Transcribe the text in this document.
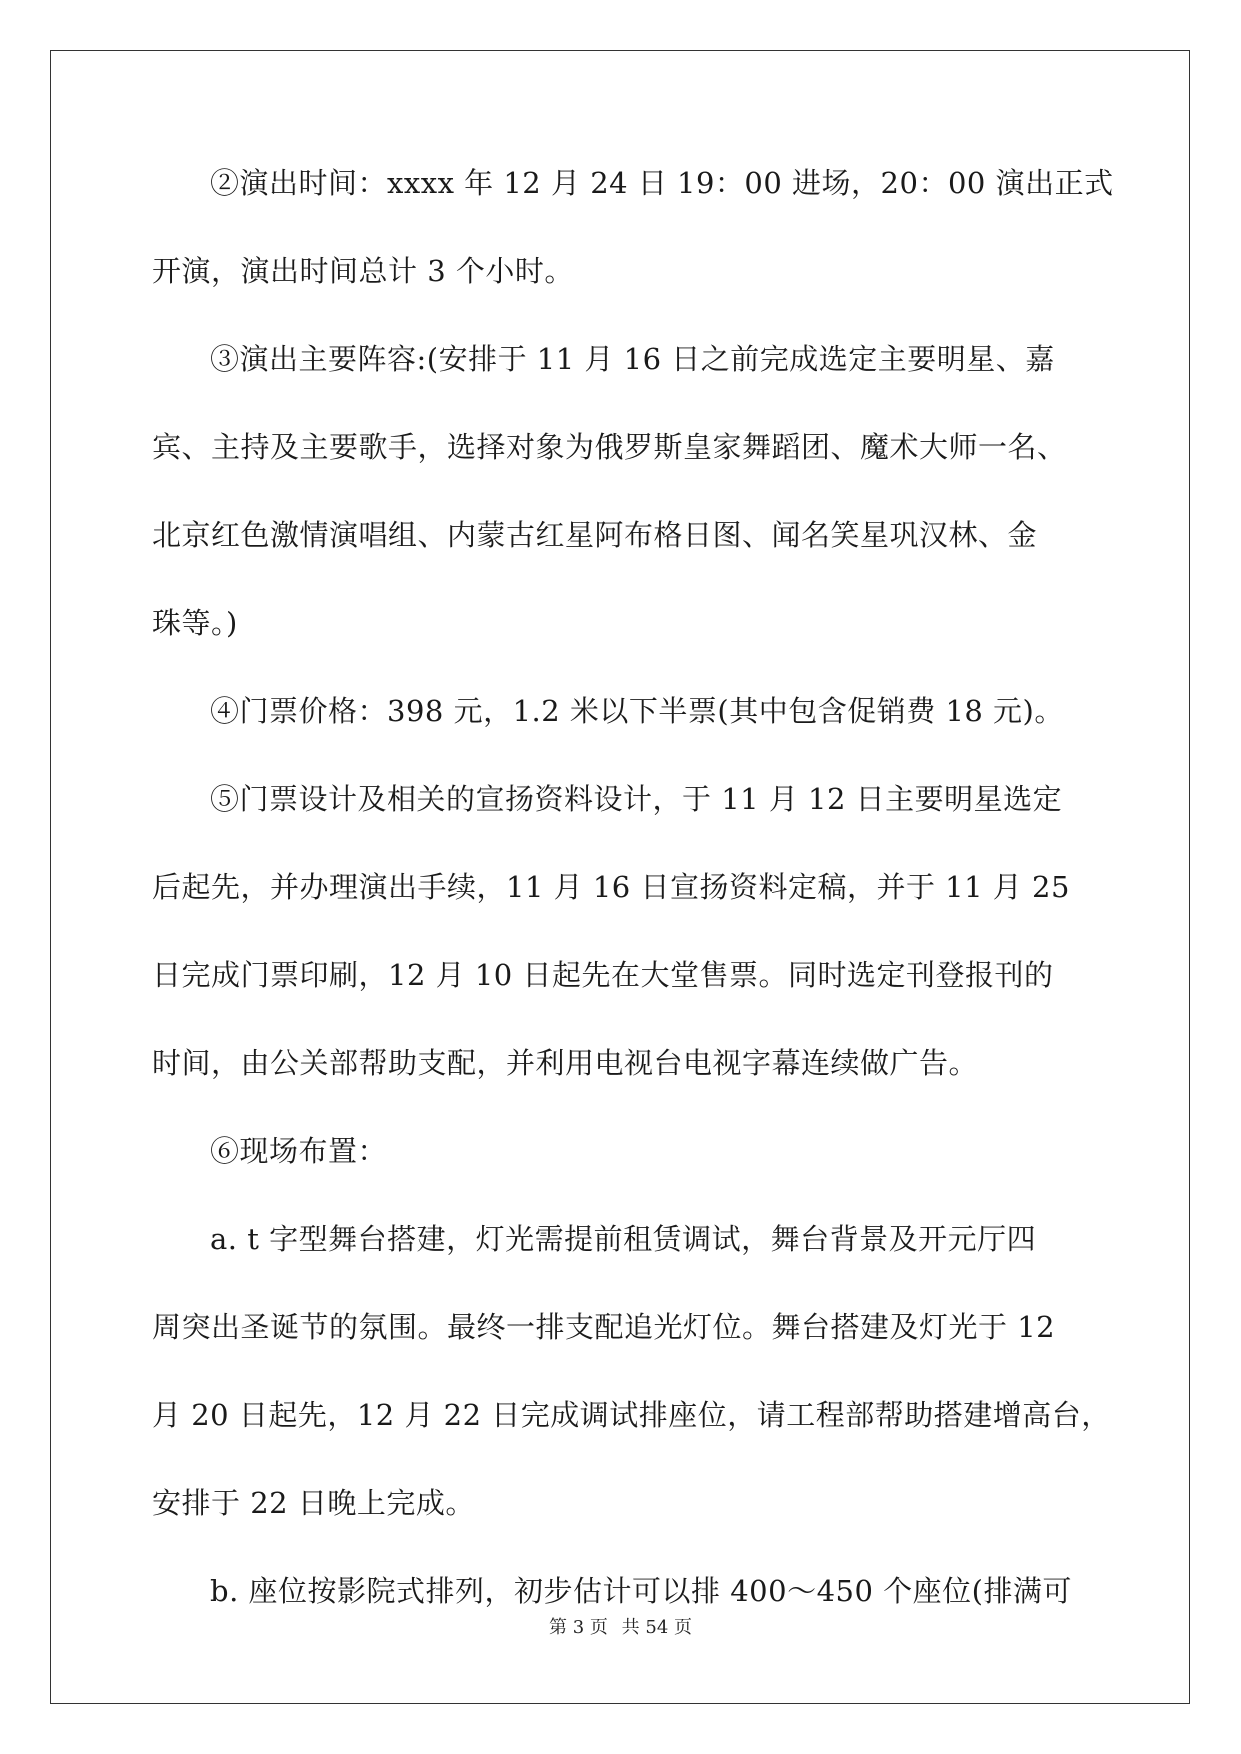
②演出时间：xxxx 年 12 月 24 日 19：00 进场，20：00 演出正式
开演，演出时间总计 3 个小时。
③演出主要阵容:(安排于 11 月 16 日之前完成选定主要明星、嘉
宾、主持及主要歌手，选择对象为俄罗斯皇家舞蹈团、魔术大师一名、
北京红色激情演唱组、内蒙古红星阿布格日图、闻名笑星巩汉林、金
珠等。)
④门票价格：398 元，1.2 米以下半票(其中包含促销费 18 元)。
⑤门票设计及相关的宣扬资料设计，于 11 月 12 日主要明星选定
后起先，并办理演出手续，11 月 16 日宣扬资料定稿，并于 11 月 25
日完成门票印刷，12 月 10 日起先在大堂售票。同时选定刊登报刊的
时间，由公关部帮助支配，并利用电视台电视字幕连续做广告。
⑥现场布置：
a. t 字型舞台搭建，灯光需提前租赁调试，舞台背景及开元厅四
周突出圣诞节的氛围。最终一排支配追光灯位。舞台搭建及灯光于 12
月 20 日起先，12 月 22 日完成调试排座位，请工程部帮助搭建增高台，
安排于 22 日晚上完成。
b. 座位按影院式排列，初步估计可以排 400～450 个座位(排满可
第 3 页 共 54 页
